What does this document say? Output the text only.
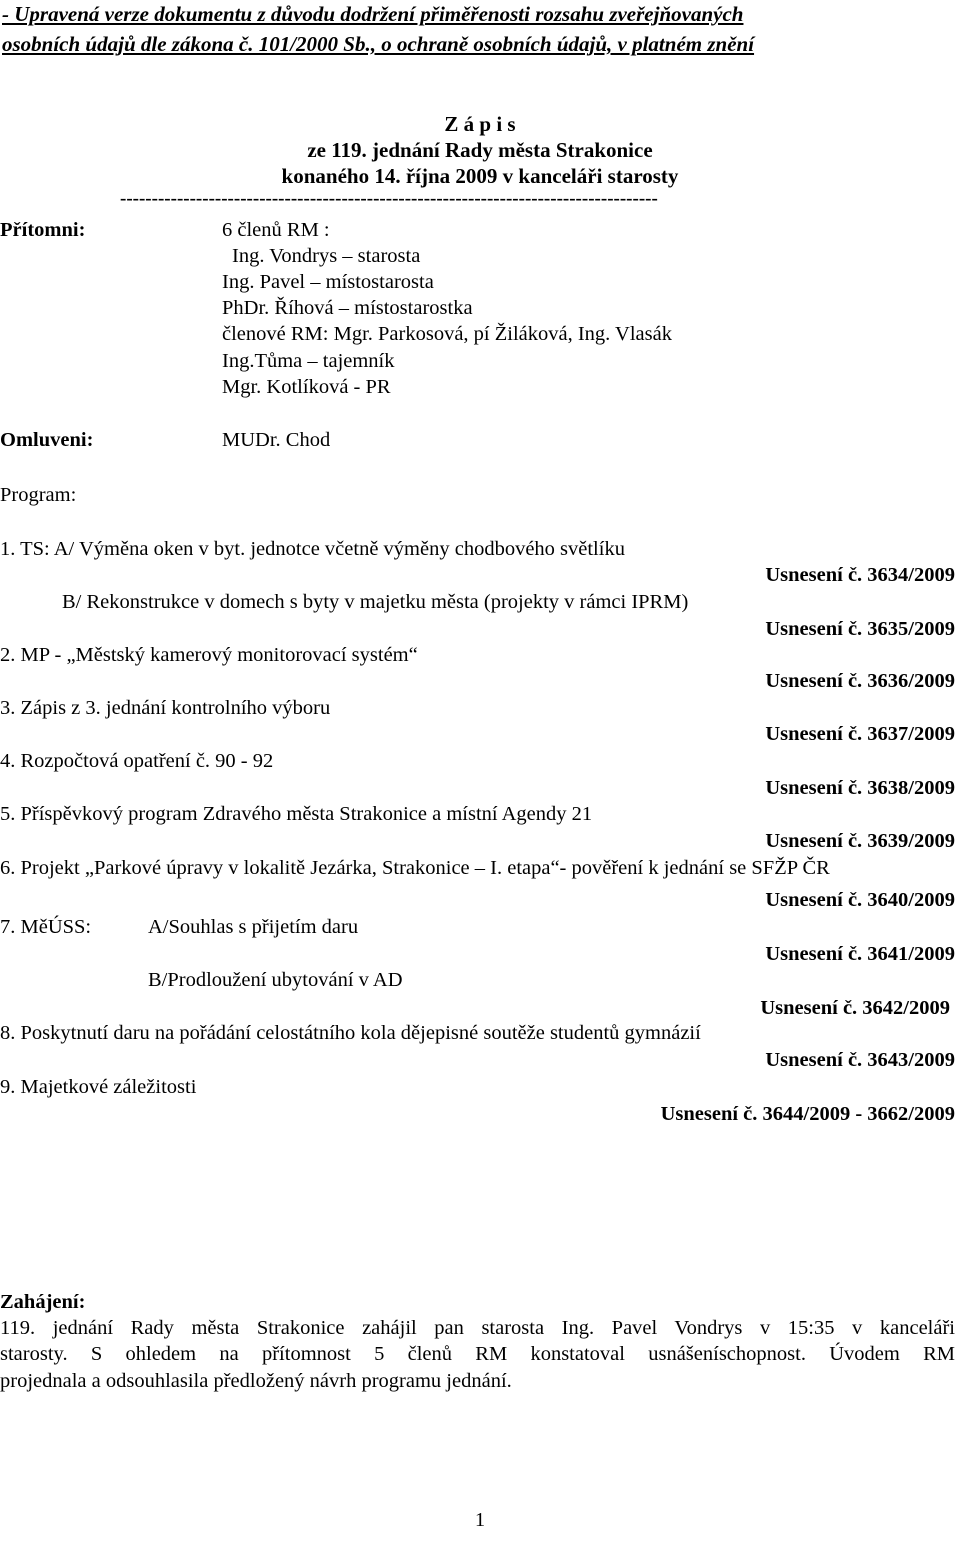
- Upravená verze dokumentu z důvodu dodržení přiměřenosti rozsahu zveřejňovaných
osobních údajů dle zákona č. 101/2000 Sb., o ochraně osobních údajů, v platném znění
Z á p i s
ze 119. jednání Rady města Strakonice
konaného 14. října 2009 v kanceláři starosty
-------------------------------------------------------------------------------------
Přítomni:	6 členů RM :
Ing. Vondrys – starosta
Ing. Pavel – místostarosta
PhDr. Říhová – místostarostka
členové RM: Mgr. Parkosová, pí Žiláková, Ing. Vlasák
Ing.Tůma – tajemník
Mgr. Kotlíková - PR
Omluveni:	MUDr. Chod
Program:
1. TS: A/ Výměna oken v byt. jednotce včetně výměny chodbového světlíku
Usnesení č. 3634/2009
B/ Rekonstrukce v domech s byty v majetku města (projekty v rámci IPRM)
Usnesení č. 3635/2009
2. MP - „Městský kamerový monitorovací systém“
Usnesení č. 3636/2009
3. Zápis z 3. jednání kontrolního výboru
Usnesení č. 3637/2009
4. Rozpočtová opatření č. 90 - 92
Usnesení č. 3638/2009
5. Příspěvkový program Zdravého města Strakonice a místní Agendy 21
Usnesení č. 3639/2009
6. Projekt „Parkové úpravy v lokalitě Jezárka, Strakonice – I. etapa“- pověření k jednání se SFŽP ČR
Usnesení č. 3640/2009
7. MěÚSS:	A/Souhlas s přijetím daru
Usnesení č. 3641/2009
B/Prodloužení ubytování v AD
Usnesení č. 3642/2009
8. Poskytnutí daru na pořádání celostátního kola dějepisné soutěže studentů gymnázií
Usnesení č. 3643/2009
9. Majetkové záležitosti
Usnesení č. 3644/2009 - 3662/2009
Zahájení:
119. jednání Rady města Strakonice zahájil pan starosta Ing. Pavel Vondrys v 15:35 v kanceláři
starosty. S ohledem na přítomnost 5 členů RM konstatoval usnášeníschopnost. Úvodem RM
projednala a odsouhlasila předložený návrh programu jednání.
1
